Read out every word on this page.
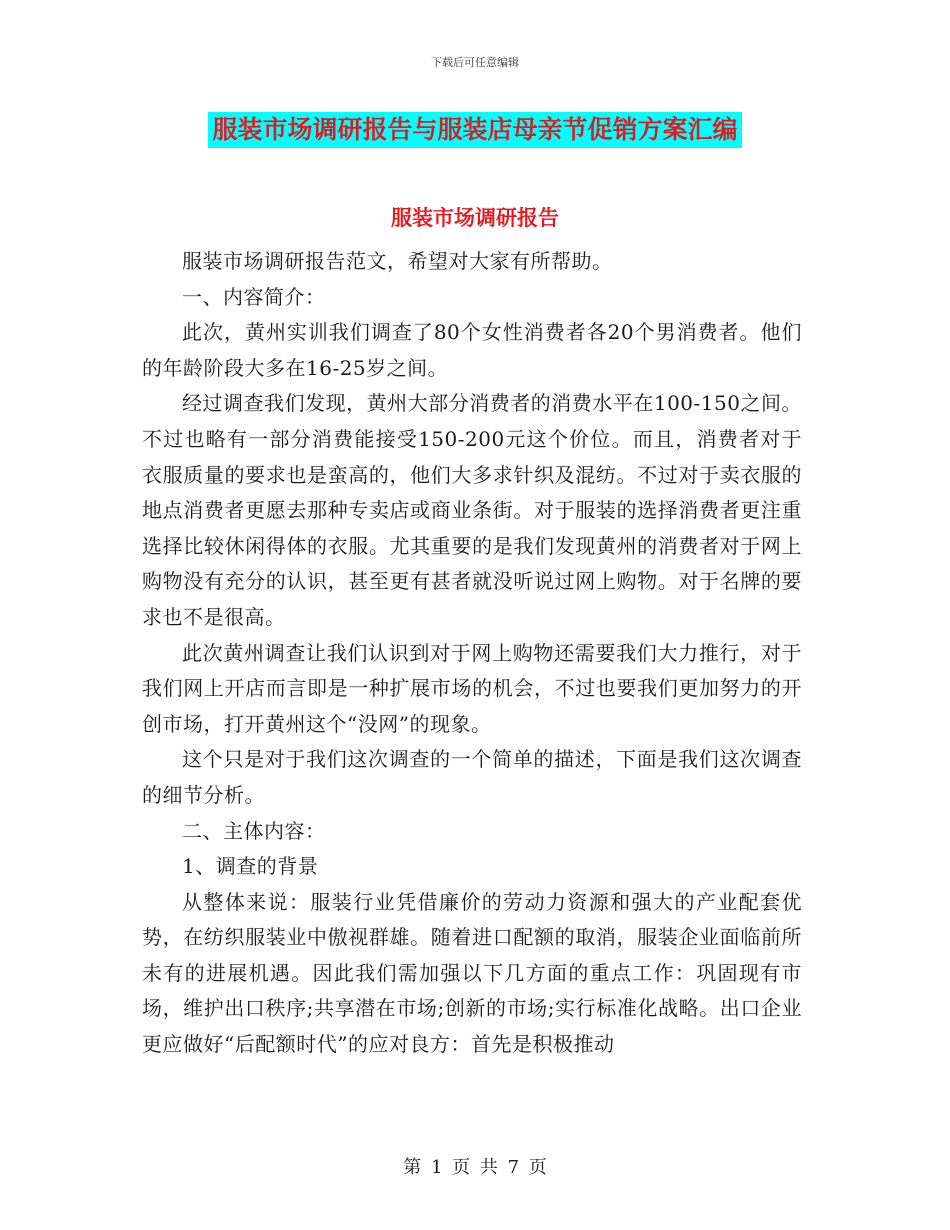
下载后可任意编辑
服装市场调研报告与服装店母亲节促销方案汇编
服装市场调研报告

服装市场调研报告范文，希望对大家有所帮助。

一、内容简介：

此次，黄州实训我们调查了80个女性消费者各20个男消费者。他们的年龄阶段大多在16-25岁之间。

经过调查我们发现，黄州大部分消费者的消费水平在100-150之间。不过也略有一部分消费能接受150-200元这个价位。而且，消费者对于衣服质量的要求也是蛮高的，他们大多求针织及混纺。不过对于卖衣服的地点消费者更愿去那种专卖店或商业条街。对于服装的选择消费者更注重选择比较休闲得体的衣服。尤其重要的是我们发现黄州的消费者对于网上购物没有充分的认识，甚至更有甚者就没听说过网上购物。对于名牌的要求也不是很高。

此次黄州调查让我们认识到对于网上购物还需要我们大力推行，对于我们网上开店而言即是一种扩展市场的机会，不过也要我们更加努力的开创市场，打开黄州这个“没网”的现象。

这个只是对于我们这次调查的一个简单的描述，下面是我们这次调查的细节分析。

二、主体内容：

1、调查的背景

从整体来说：服装行业凭借廉价的劳动力资源和强大的产业配套优势，在纺织服装业中傲视群雄。随着进口配额的取消，服装企业面临前所未有的进展机遇。因此我们需加强以下几方面的重点工作：巩固现有市场，维护出口秩序;共享潜在市场;创新的市场;实行标准化战略。出口企业更应做好“后配额时代”的应对良方：首先是积极推动

第 1 页 共 7 页
